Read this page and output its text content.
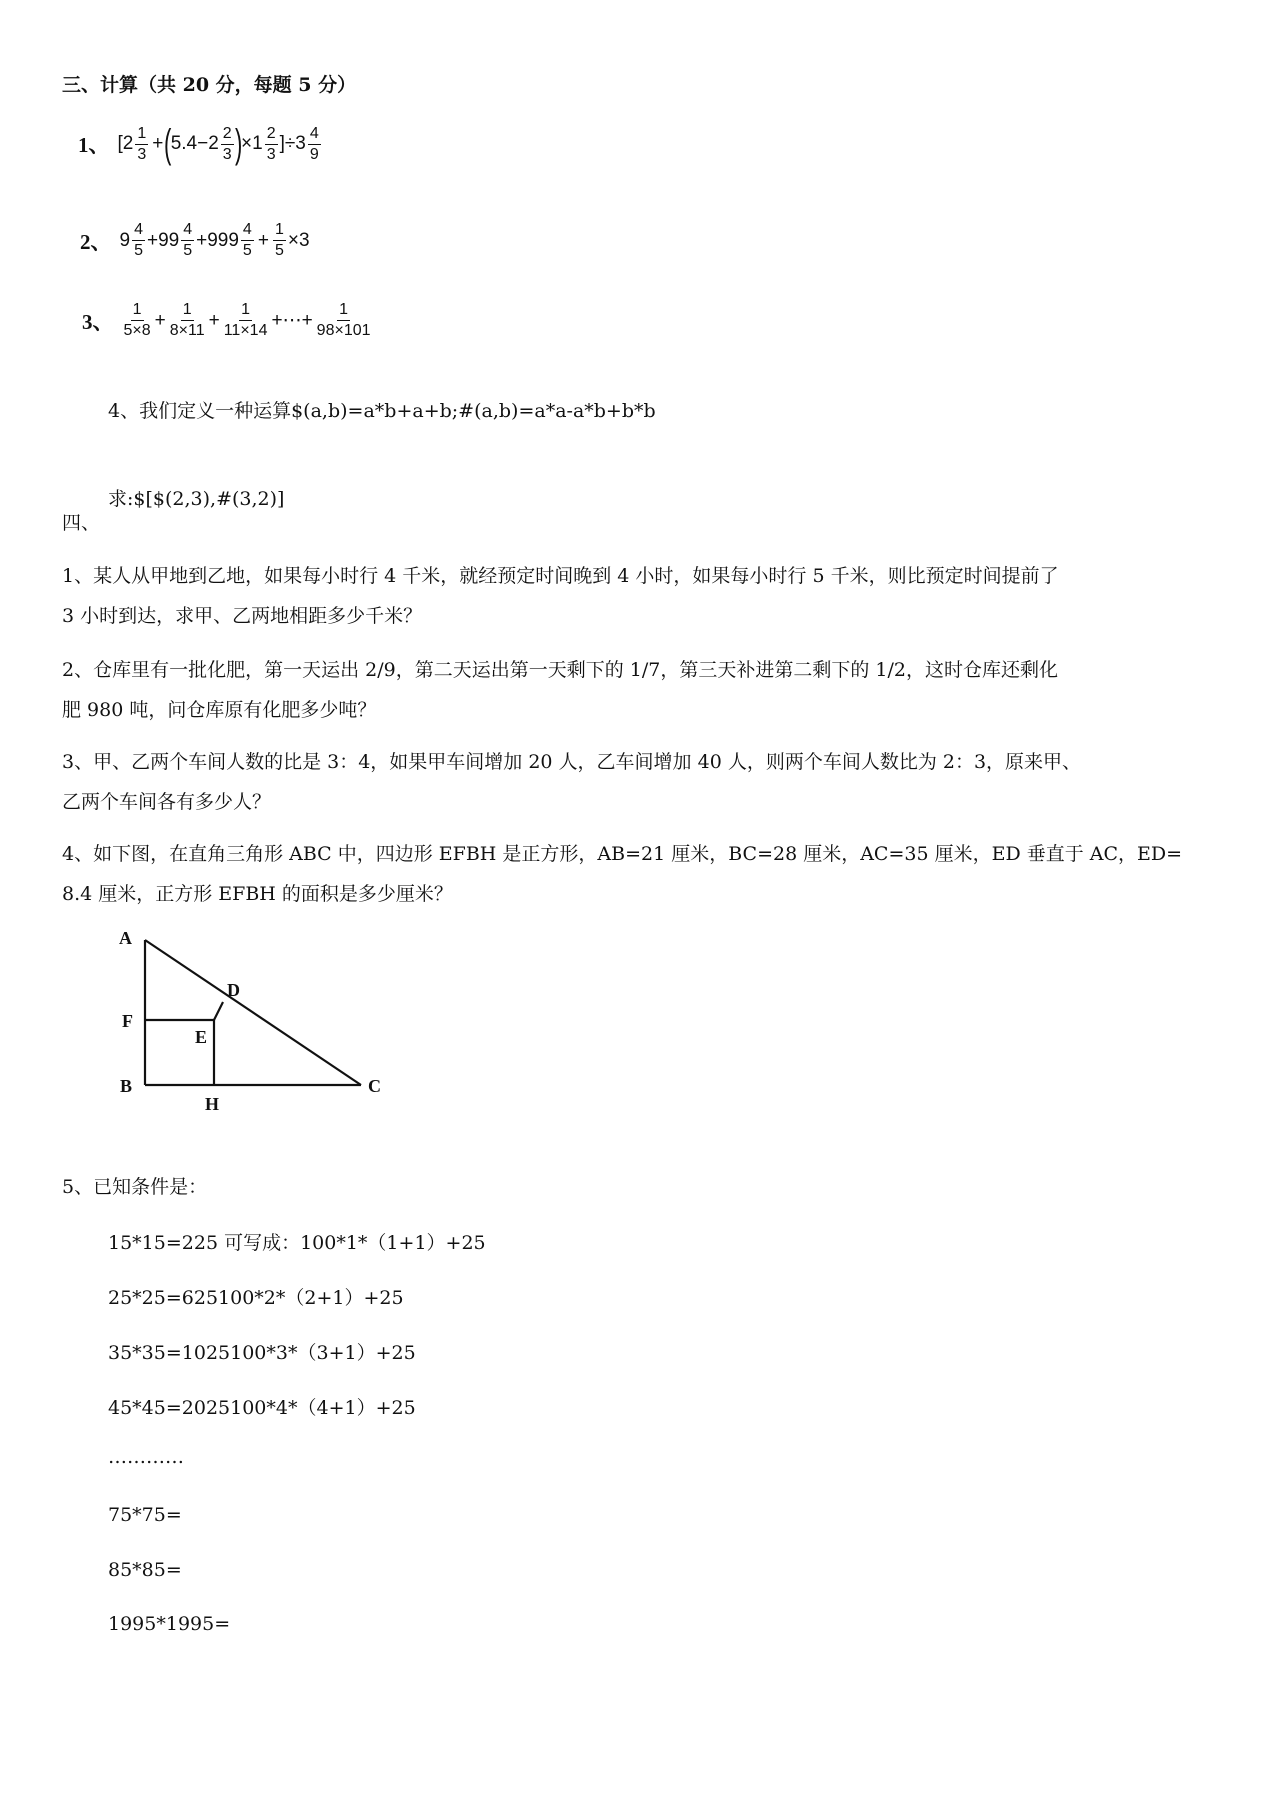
三、计算（共 20 分，每题 5 分）
1、 [ $2 \frac{1}{3}$ + (
$5.4-2 \frac{2}{3}$ )
$\times 1 \frac{2}{3} ]\div 3 \frac{4}{9}$
2、 $9 \frac{4}{5} +99 \frac{4}{5} +999 \frac{4}{5} + \frac{1}{5} \times 3$
3、 $\frac{1}{5\times 8} + \frac{1}{8\times 11} + \frac{1}{11\times 14}$ +⋯+ $\frac{1}{98\times 101}$
4、我们定义一种运算$(a,b)=a*b+a+b;#(a,b)=a*a-a*b+b*b
求:$[$(2,3),#(3,2)]
四、
1、某人从甲地到乙地，如果每小时行 4 千米，就经预定时间晚到 4 小时，如果每小时行 5 千米，则比预定时间提前了
3 小时到达，求甲、乙两地相距多少千米？
2、仓库里有一批化肥，第一天运出 2/9，第二天运出第一天剩下的 1/7，第三天补进第二剩下的 1/2，这时仓库还剩化
肥 980 吨，问仓库原有化肥多少吨？
3、甲、乙两个车间人数的比是 3：4，如果甲车间增加 20 人，乙车间增加 40 人，则两个车间人数比为 2：3，原来甲、
乙两个车间各有多少人？
4、如下图，在直角三角形 ABC 中，四边形 EFBH 是正方形，AB=21 厘米，BC=28 厘米，AC=35 厘米，ED 垂直于 AC，ED=
8.4 厘米，正方形 EFBH 的面积是多少厘米？
A
F
B
D
E
H
C
5、已知条件是：
15*15=225 可写成：100*1*（1+1）+25
25*25=625100*2*（2+1）+25
35*35=1025100*3*（3+1）+25
45*45=2025100*4*（4+1）+25
…………
75*75=
85*85=
1995*1995=
